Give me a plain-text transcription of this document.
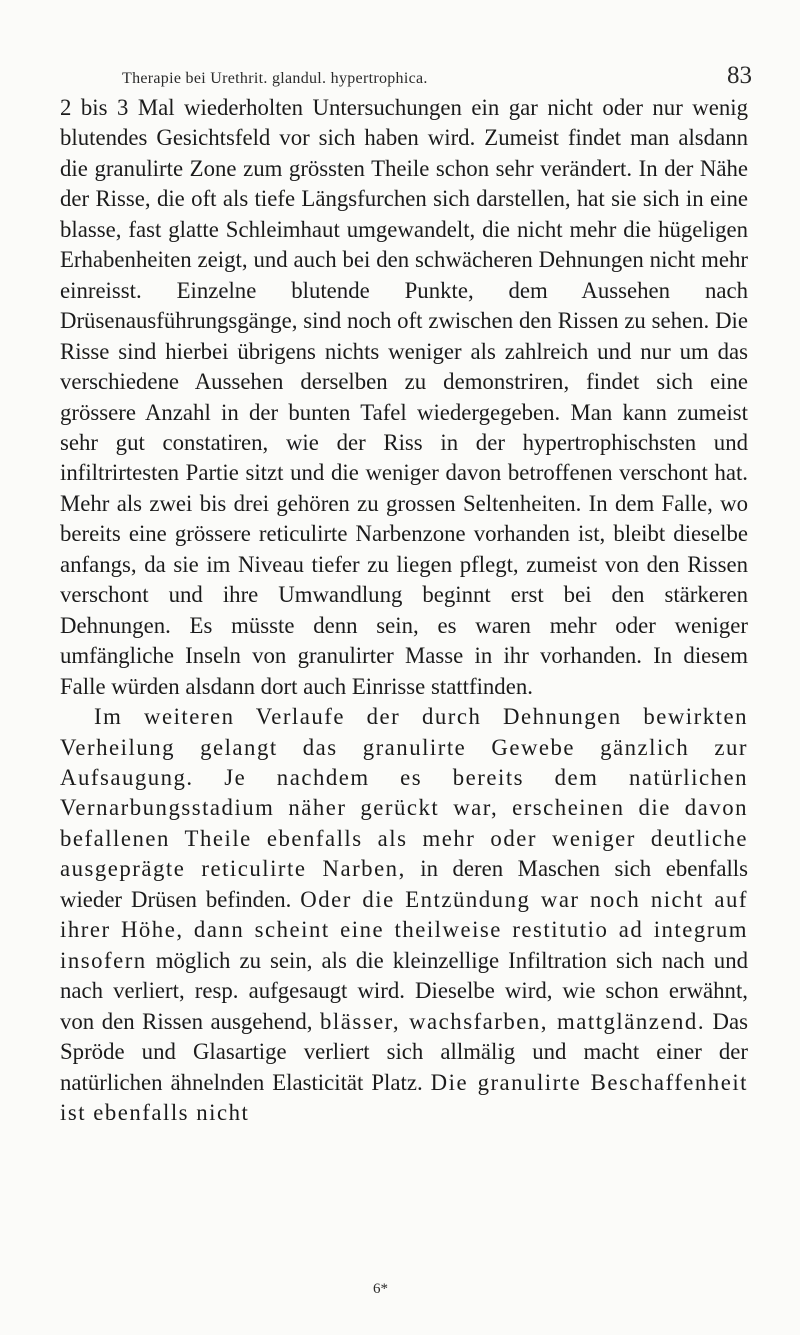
Therapie bei Urethrit. glandul. hypertrophica.	83

2 bis 3 Mal wiederholten Untersuchungen ein gar nicht oder nur wenig blutendes Gesichtsfeld vor sich haben wird. Zumeist findet man alsdann die granulirte Zone zum grössten Theile schon sehr verändert. In der Nähe der Risse, die oft als tiefe Längsfurchen sich darstellen, hat sie sich in eine blasse, fast glatte Schleimhaut umgewandelt, die nicht mehr die hügeligen Erhabenheiten zeigt, und auch bei den schwächeren Dehnungen nicht mehr einreisst. Einzelne blutende Punkte, dem Aussehen nach Drüsenausführungsgänge, sind noch oft zwischen den Rissen zu sehen. Die Risse sind hierbei übrigens nichts weniger als zahlreich und nur um das verschiedene Aussehen derselben zu demonstriren, findet sich eine grössere Anzahl in der bunten Tafel wiedergegeben. Man kann zumeist sehr gut constatiren, wie der Riss in der hypertrophischsten und infiltrirtesten Partie sitzt und die weniger davon betroffenen verschont hat. Mehr als zwei bis drei gehören zu grossen Seltenheiten. In dem Falle, wo bereits eine grössere reticulirte Narbenzone vorhanden ist, bleibt dieselbe anfangs, da sie im Niveau tiefer zu liegen pflegt, zumeist von den Rissen verschont und ihre Umwandlung beginnt erst bei den stärkeren Dehnungen. Es müsste denn sein, es waren mehr oder weniger umfängliche Inseln von granulirter Masse in ihr vorhanden. In diesem Falle würden alsdann dort auch Einrisse stattfinden.

Im weiteren Verlaufe der durch Dehnungen bewirkten Verheilung gelangt das granulirte Gewebe gänzlich zur Aufsaugung. Je nachdem es bereits dem natürlichen Vernarbungsstadium näher gerückt war, erscheinen die davon befallenen Theile ebenfalls als mehr oder weniger deutliche ausgeprägte reticulirte Narben, in deren Maschen sich ebenfalls wieder Drüsen befinden. Oder die Entzündung war noch nicht auf ihrer Höhe, dann scheint eine theilweise restitutio ad integrum insofern möglich zu sein, als die kleinzellige Infiltration sich nach und nach verliert, resp. aufgesaugt wird. Dieselbe wird, wie schon erwähnt, von den Rissen ausgehend, blässer, wachsfarben, mattglänzend. Das Spröde und Glasartige verliert sich allmälig und macht einer der natürlichen ähnelnden Elasticität Platz. Die granulirte Beschaffenheit ist ebenfalls nicht

6*
